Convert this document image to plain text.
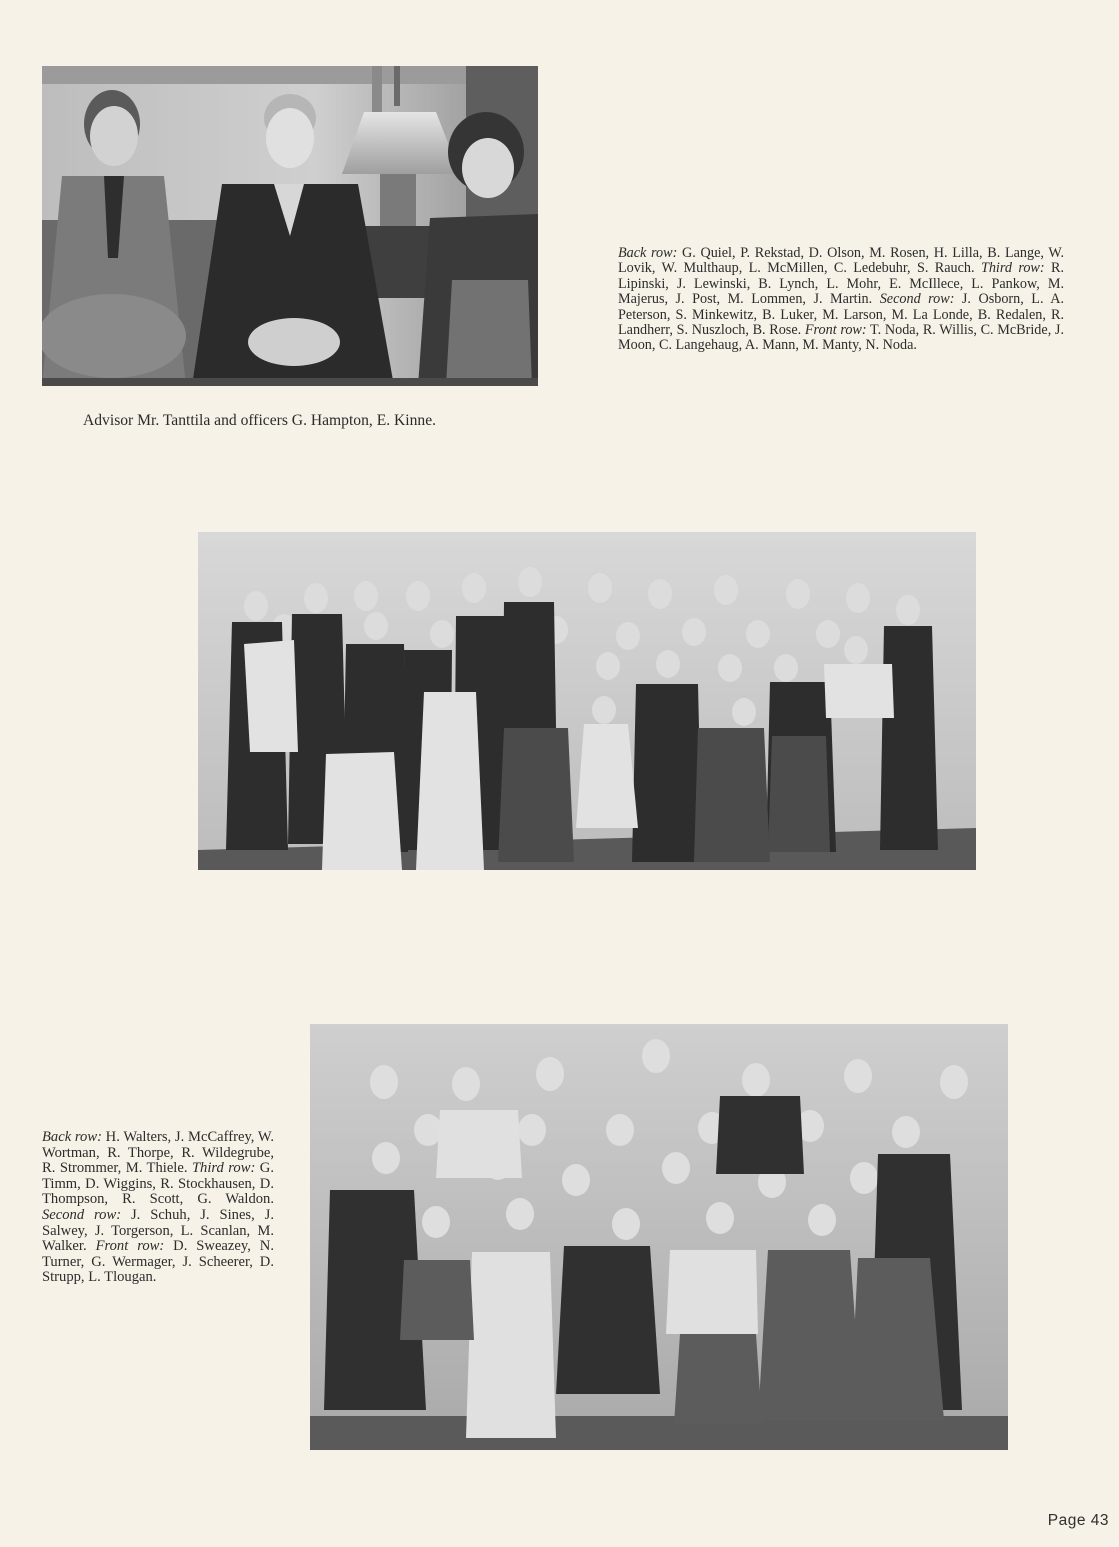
Back row: G. Quiel, P. Rekstad, D. Olson, M. Rosen, H. Lilla, B. Lange, W. Lovik, W. Multhaup, L. McMillen, C. Ledebuhr, S. Rauch. Third row: R. Lipinski, J. Lewinski, B. Lynch, L. Mohr, E. McIllece, L. Pankow, M. Majerus, J. Post, M. Lommen, J. Martin. Second row: J. Osborn, L. A. Peterson, S. Minkewitz, B. Luker, M. Larson, M. La Londe, B. Redalen, R. Landherr, S. Nuszloch, B. Rose. Front row: T. Noda, R. Willis, C. McBride, J. Moon, C. Langehaug, A. Mann, M. Manty, N. Noda.
Advisor Mr. Tanttila and officers G. Hampton, E. Kinne.
Back row: H. Walters, J. McCaffrey, W. Wortman, R. Thorpe, R. Wildegrube, R. Strommer, M. Thiele. Third row: G. Timm, D. Wiggins, R. Stockhausen, D. Thompson, R. Scott, G. Waldon. Second row: J. Schuh, J. Sines, J. Salwey, J. Torgerson, L. Scanlan, M. Walker. Front row: D. Sweazey, N. Turner, G. Wermager, J. Scheerer, D. Strupp, L. Tlougan.
Page 43
